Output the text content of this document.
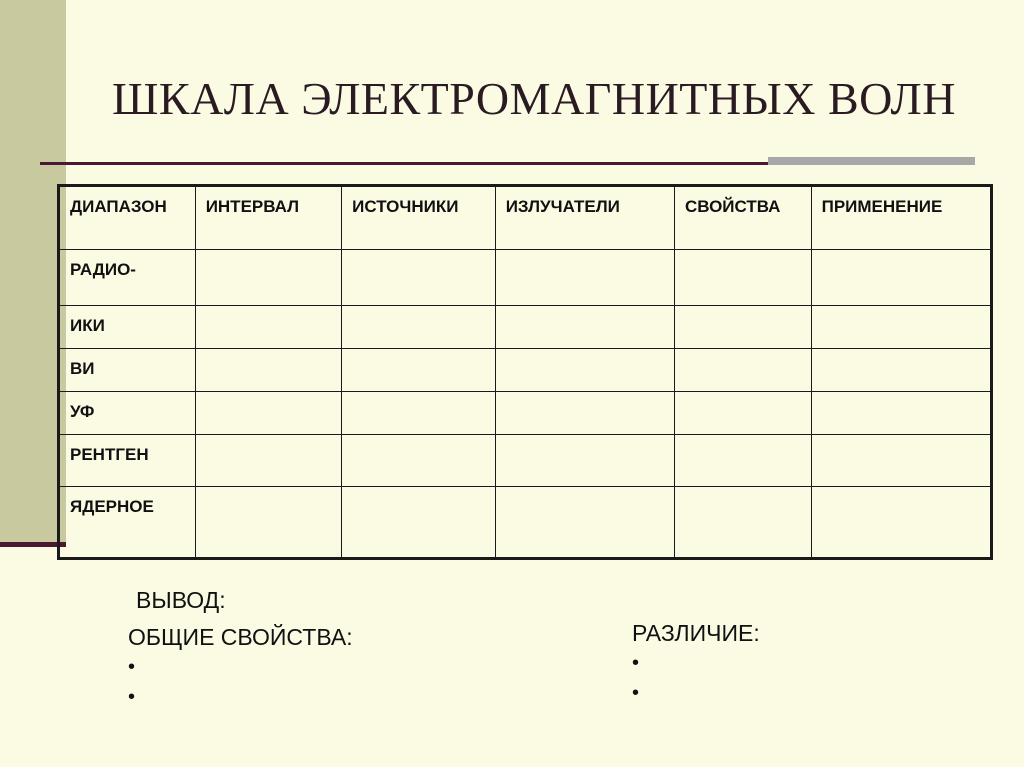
ШКАЛА ЭЛЕКТРОМАГНИТНЫХ ВОЛН
ДИАПАЗОН	ИНТЕРВАЛ	ИСТОЧНИКИ	ИЗЛУЧАТЕЛИ	СВОЙСТВА	ПРИМЕНЕНИЕ
РАДИО-					
ИКИ					
ВИ					
УФ					
РЕНТГЕН					
ЯДЕРНОЕ					
ВЫВОД:
ОБЩИЕ СВОЙСТВА:
•
•
РАЗЛИЧИЕ:
•
•
